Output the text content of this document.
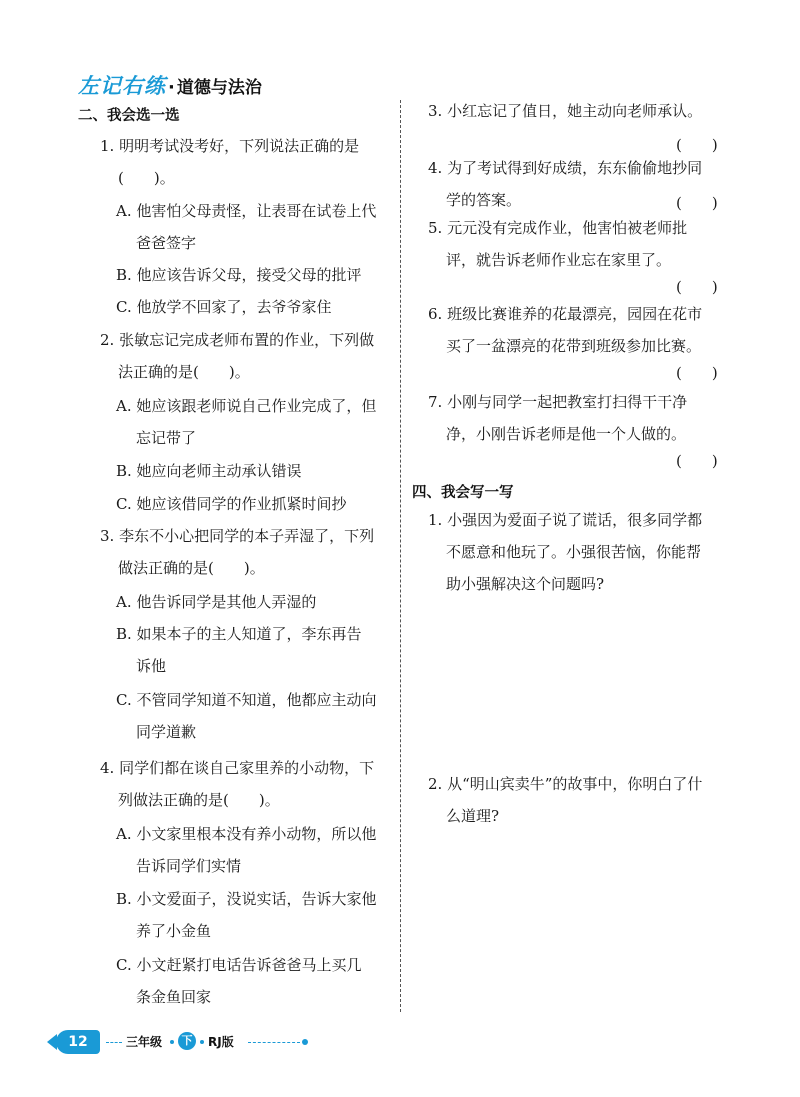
左记右练 · 道德与法治
二、我会选一选
1. 明明考试没考好，下列说法正确的是
(　　)。
A. 他害怕父母责怪，让表哥在试卷上代
爸爸签字
B. 他应该告诉父母，接受父母的批评
C. 他放学不回家了，去爷爷家住
2. 张敏忘记完成老师布置的作业，下列做
法正确的是(　　)。
A. 她应该跟老师说自己作业完成了，但
忘记带了
B. 她应向老师主动承认错误
C. 她应该借同学的作业抓紧时间抄
3. 李东不小心把同学的本子弄湿了，下列
做法正确的是(　　)。
A. 他告诉同学是其他人弄湿的
B. 如果本子的主人知道了，李东再告
诉他
C. 不管同学知道不知道，他都应主动向
同学道歉
4. 同学们都在谈自己家里养的小动物，下
列做法正确的是(　　)。
A. 小文家里根本没有养小动物，所以他
告诉同学们实情
B. 小文爱面子，没说实话，告诉大家他
养了小金鱼
C. 小文赶紧打电话告诉爸爸马上买几
条金鱼回家
3. 小红忘记了值日，她主动向老师承认。
(　　)
4. 为了考试得到好成绩，东东偷偷地抄同
学的答案。	(　　)
5. 元元没有完成作业，他害怕被老师批
评，就告诉老师作业忘在家里了。
(　　)
6. 班级比赛谁养的花最漂亮，园园在花市
买了一盆漂亮的花带到班级参加比赛。
(　　)
7. 小刚与同学一起把教室打扫得干干净
净，小刚告诉老师是他一个人做的。
(　　)
四、我会写一写
1. 小强因为爱面子说了谎话，很多同学都
不愿意和他玩了。小强很苦恼，你能帮
助小强解决这个问题吗?
2. 从“明山宾卖牛”的故事中，你明白了什
么道理?
12	三年级	下 RJ版
